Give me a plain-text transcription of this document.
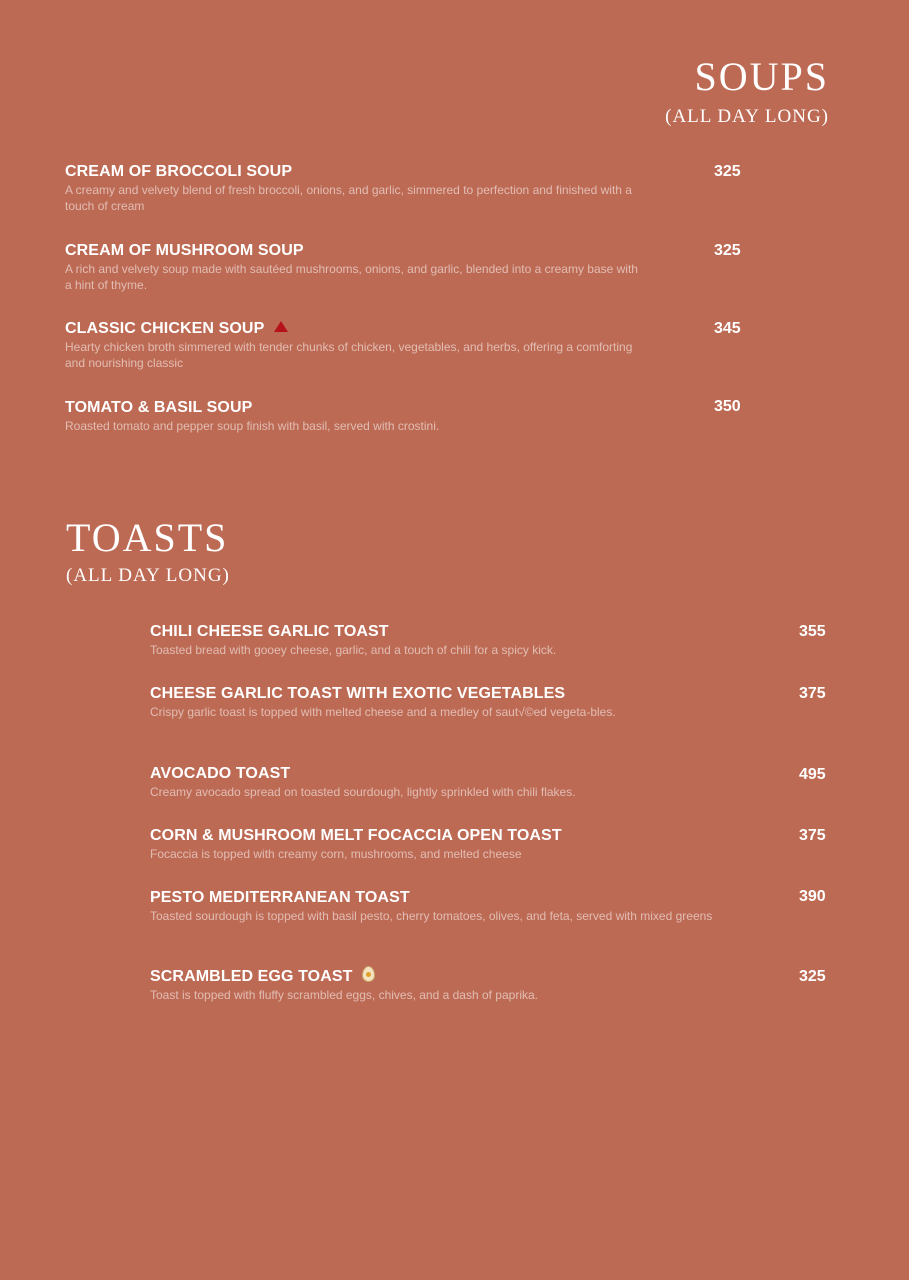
SOUPS
(ALL DAY LONG)
CREAM OF BROCCOLI SOUP
A creamy and velvety blend of fresh broccoli, onions, and garlic, simmered to perfection and finished with a touch of cream
325
CREAM OF MUSHROOM SOUP
A rich and velvety soup made with sautéed mushrooms, onions, and garlic, blended into a creamy base with a hint of thyme.
325
CLASSIC CHICKEN SOUP
Hearty chicken broth simmered with tender chunks of chicken, vegetables, and herbs, offering a comforting and nourishing classic
345
TOMATO & BASIL SOUP
Roasted tomato and pepper soup finish with basil, served with crostini.
350
TOASTS
(ALL DAY LONG)
CHILI CHEESE GARLIC TOAST
Toasted bread with gooey cheese, garlic, and a touch of chili for a spicy kick.
355
CHEESE GARLIC TOAST WITH EXOTIC VEGETABLES
Crispy garlic toast is topped with melted cheese and a medley of saut√©ed vegeta-bles.
375
AVOCADO TOAST
Creamy avocado spread on toasted sourdough, lightly sprinkled with chili flakes.
495
CORN & MUSHROOM MELT FOCACCIA OPEN TOAST
Focaccia is topped with creamy corn, mushrooms, and melted cheese
375
PESTO MEDITERRANEAN TOAST
Toasted sourdough is topped with basil pesto, cherry tomatoes, olives, and feta, served with mixed greens
390
SCRAMBLED EGG TOAST
Toast is topped with fluffy scrambled eggs, chives, and a dash of paprika.
325
